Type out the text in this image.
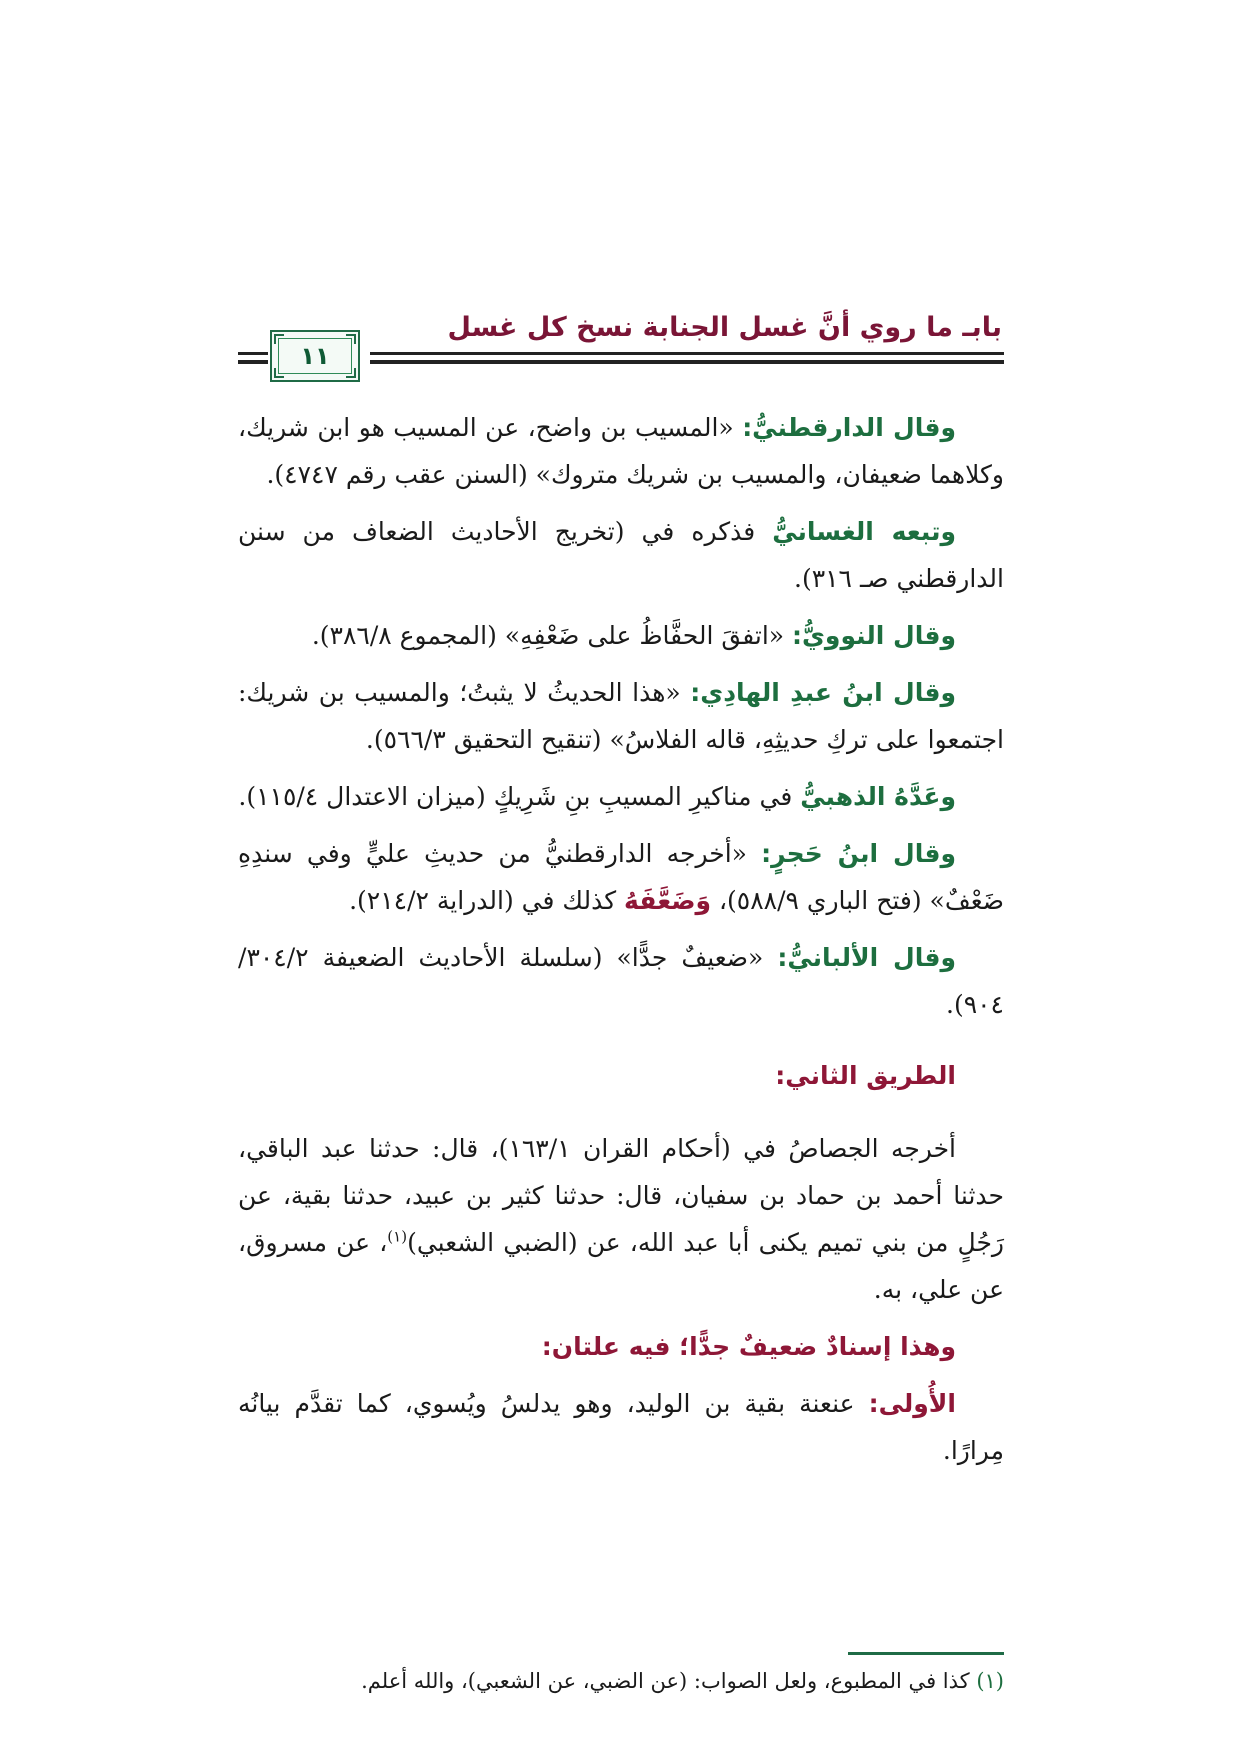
بابـ ما روي أنَّ غسل الجنابة نسخ كل غسل
١١

وقال الدارقطنيُّ: «المسيب بن واضح، عن المسيب هو ابن شريك، وكلاهما ضعيفان، والمسيب بن شريك متروك» (السنن عقب رقم ٤٧٤٧).

وتبعه الغسانيُّ فذكره في (تخريج الأحاديث الضعاف من سنن الدارقطني صـ ٣١٦).

وقال النوويُّ: «اتفقَ الحفَّاظُ على ضَعْفِهِ» (المجموع ٣٨٦/٨).

وقال ابنُ عبدِ الهادِي: «هذا الحديثُ لا يثبتُ؛ والمسيب بن شريك: اجتمعوا على تركِ حديثِهِ، قاله الفلاسُ» (تنقيح التحقيق ٥٦٦/٣).

وعَدَّهُ الذهبيُّ في مناكيرِ المسيبِ بنِ شَرِيكٍ (ميزان الاعتدال ١١٥/٤).

وقال ابنُ حَجرٍ: «أخرجه الدارقطنيُّ من حديثِ عليٍّ وفي سندِهِ ضَعْفٌ» (فتح الباري ٥٨٨/٩)، وَضَعَّفَهُ كذلك في (الدراية ٢١٤/٢).

وقال الألبانيُّ: «ضعيفٌ جدًّا» (سلسلة الأحاديث الضعيفة ٣٠٤/٢/ ٩٠٤).

الطريق الثاني:

أخرجه الجصاصُ في (أحكام القران ١٦٣/١)، قال: حدثنا عبد الباقي، حدثنا أحمد بن حماد بن سفيان، قال: حدثنا كثير بن عبيد، حدثنا بقية، عن رَجُلٍ من بني تميم يكنى أبا عبد الله، عن (الضبي الشعبي)$^{(١)}$، عن مسروق، عن علي، به.

وهذا إسنادٌ ضعيفٌ جدًّا؛ فيه علتان:

الأُولى: عنعنة بقية بن الوليد، وهو يدلسُ ويُسوي، كما تقدَّم بيانُه مِرارًا.

(١) كذا في المطبوع، ولعل الصواب: (عن الضبي، عن الشعبي)، والله أعلم.
